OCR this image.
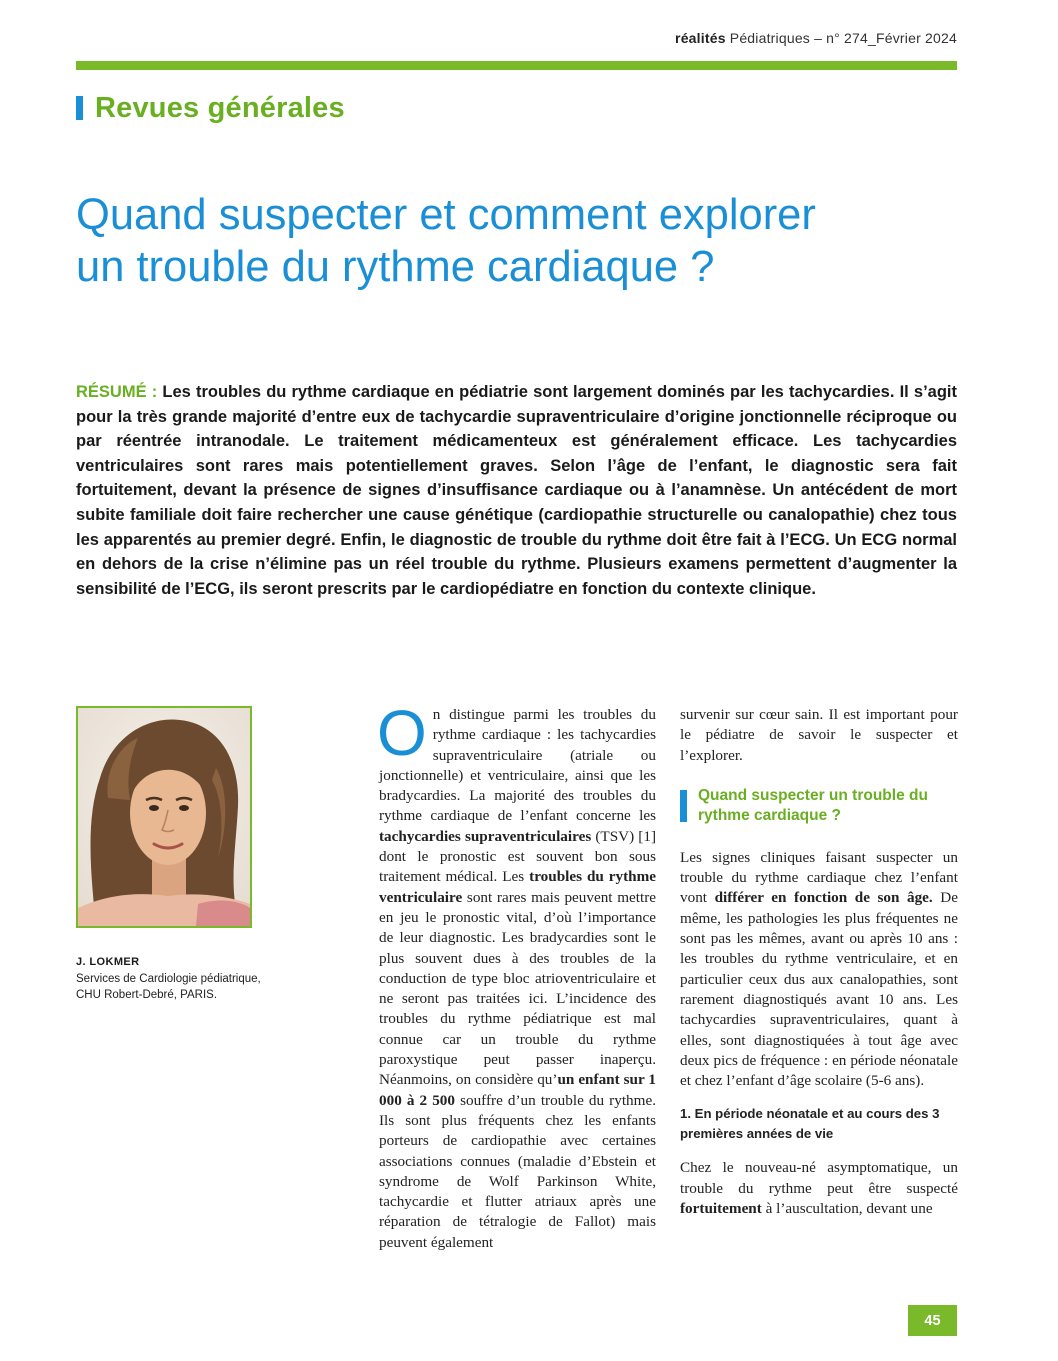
réalités Pédiatriques – n° 274_Février 2024
Revues générales
Quand suspecter et comment explorer
un trouble du rythme cardiaque ?

RÉSUMÉ : Les troubles du rythme cardiaque en pédiatrie sont largement dominés par les tachycardies. Il s’agit pour la très grande majorité d’entre eux de tachycardie supraventriculaire d’origine jonctionnelle réciproque ou par réentrée intranodale. Le traitement médicamenteux est généralement efficace. Les tachycardies ventriculaires sont rares mais potentiellement graves. Selon l’âge de l’enfant, le diagnostic sera fait fortuitement, devant la présence de signes d’insuffisance cardiaque ou à l’anamnèse. Un antécédent de mort subite familiale doit faire rechercher une cause génétique (cardiopathie structurelle ou canalopathie) chez tous les apparentés au premier degré. Enfin, le diagnostic de trouble du rythme doit être fait à l’ECG. Un ECG normal en dehors de la crise n’élimine pas un réel trouble du rythme. Plusieurs examens permettent d’augmenter la sensibilité de l’ECG, ils seront prescrits par le cardiopédiatre en fonction du contexte clinique.

J. LOKMER
Services de Cardiologie pédiatrique,
CHU Robert-Debré, PARIS.
On distingue parmi les troubles du rythme cardiaque : les tachycardies supraventriculaire (atriale ou jonctionnelle) et ventriculaire, ainsi que les bradycardies. La majorité des troubles du rythme cardiaque de l’enfant concerne les tachycardies supraventriculaires (TSV) [1] dont le pronostic est souvent bon sous traitement médical. Les troubles du rythme ventriculaire sont rares mais peuvent mettre en jeu le pronostic vital, d’où l’importance de leur diagnostic. Les bradycardies sont le plus souvent dues à des troubles de la conduction de type bloc atrioventriculaire et ne seront pas traitées ici. L’incidence des troubles du rythme pédiatrique est mal connue car un trouble du rythme paroxystique peut passer inaperçu. Néanmoins, on considère qu’un enfant sur 1 000 à 2 500 souffre d’un trouble du rythme. Ils sont plus fréquents chez les enfants porteurs de cardiopathie avec certaines associations connues (maladie d’Ebstein et syndrome de Wolf Parkinson White, tachycardie et flutter atriaux après une réparation de tétralogie de Fallot) mais peuvent également

survenir sur cœur sain. Il est important pour le pédiatre de savoir le suspecter et l’explorer.

Quand suspecter un trouble du rythme cardiaque ?

Les signes cliniques faisant suspecter un trouble du rythme cardiaque chez l’enfant vont différer en fonction de son âge. De même, les pathologies les plus fréquentes ne sont pas les mêmes, avant ou après 10 ans : les troubles du rythme ventriculaire, et en particulier ceux dus aux canalopathies, sont rarement diagnostiqués avant 10 ans. Les tachycardies supraventriculaires, quant à elles, sont diagnostiquées à tout âge avec deux pics de fréquence : en période néonatale et chez l’enfant d’âge scolaire (5-6 ans).

1. En période néonatale et au cours des 3 premières années de vie

Chez le nouveau-né asymptomatique, un trouble du rythme peut être suspecté fortuitement à l’auscultation, devant une

45
